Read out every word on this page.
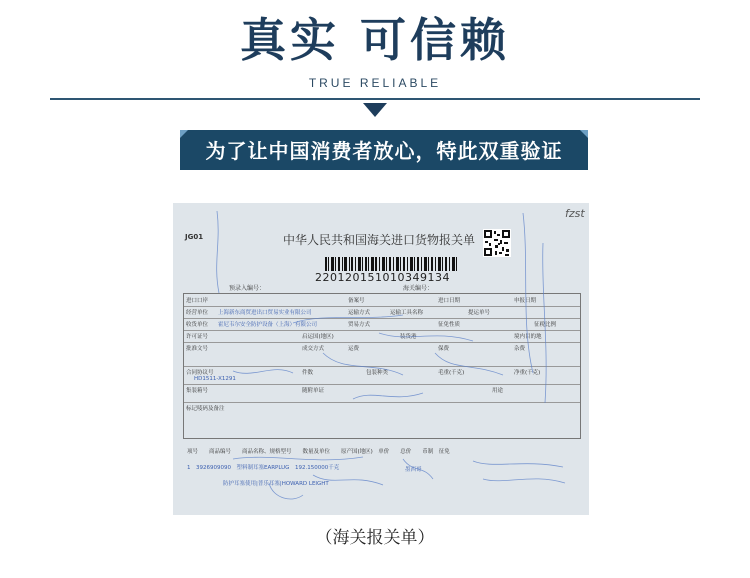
真实 可信赖
TRUE RELIABLE
为了让中国消费者放心，特此双重验证
JG01
fzst
中华人民共和国海关进口货物报关单
220120151010349134
预录入编号：	海关编号：
进口口岸	备案号	进口日期	申报日期
经营单位 上海新东商贸进出口贸易实业有限公司	运输方式	运输工具名称	提运单号
收货单位 霍尼韦尔安全防护设备（上海）有限公司	贸易方式	征免性质	征税比例
许可证号	启运国(地区)	装货港	境内目的地
批准文号	成交方式	运费	保费	杂费
合同协议号
HD1511-X1291
件数	包装种类	毛重(千克)	净重(千克)
集装箱号	随附单证	用途
标记唛码及备注
项号　　商品编号　　商品名称、规格型号　　数量及单位　　原产国(地区)　单价　　总价　　币制　征免
1　3926909090　塑料制耳塞EARPLUG　192.150000千克	墨西哥
防护耳塞使用|普乐耳塞|HOWARD LEIGHT
（海关报关单）
